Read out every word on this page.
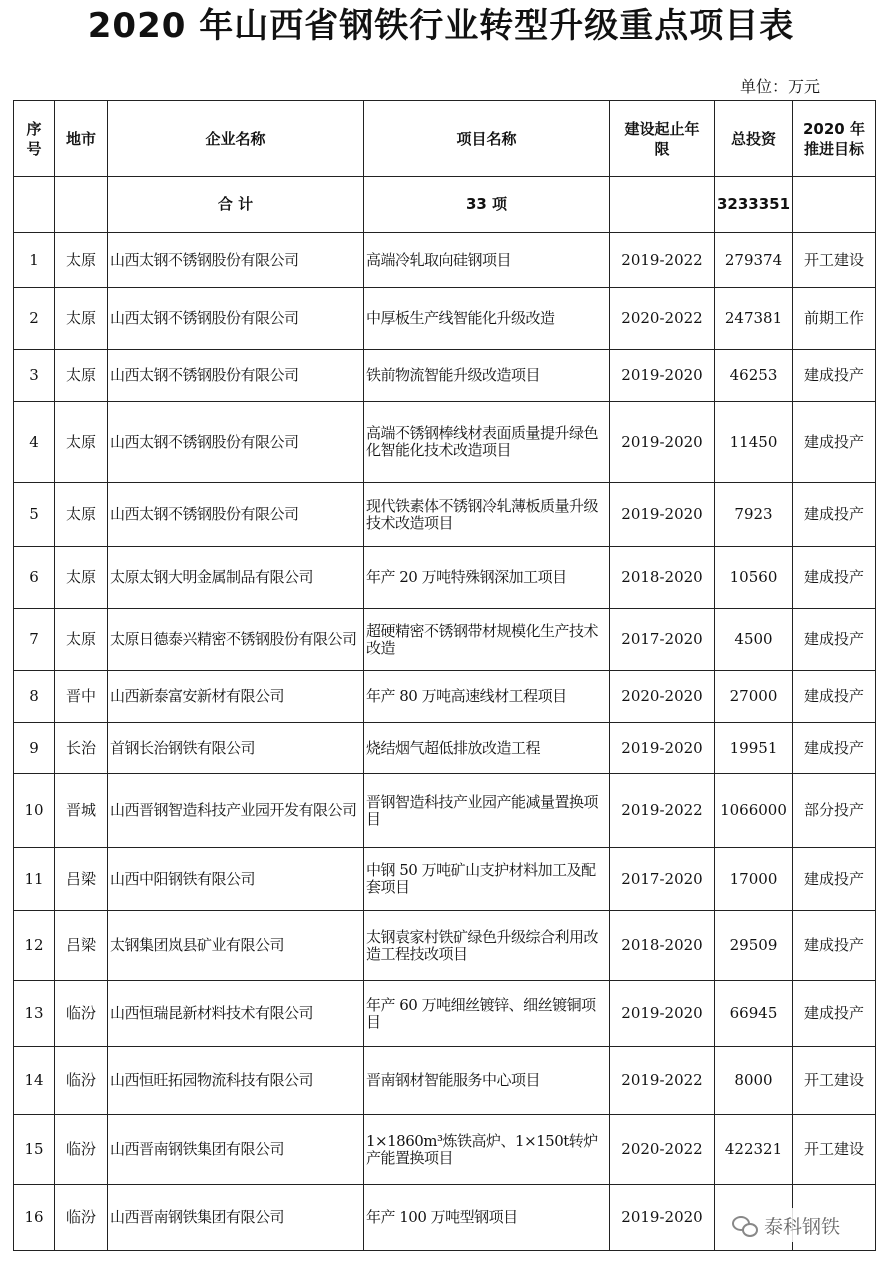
2020 年山西省钢铁行业转型升级重点项目表
单位：万元
序号	地市	企业名称	项目名称	建设起止年限	总投资	2020 年推进目标
		合 计	33 项		3233351	
1	太原	山西太钢不锈钢股份有限公司	高端冷轧取向硅钢项目	2019-2022	279374	开工建设
2	太原	山西太钢不锈钢股份有限公司	中厚板生产线智能化升级改造	2020-2022	247381	前期工作
3	太原	山西太钢不锈钢股份有限公司	铁前物流智能升级改造项目	2019-2020	46253	建成投产
4	太原	山西太钢不锈钢股份有限公司	高端不锈钢棒线材表面质量提升绿色化智能化技术改造项目	2019-2020	11450	建成投产
5	太原	山西太钢不锈钢股份有限公司	现代铁素体不锈钢冷轧薄板质量升级技术改造项目	2019-2020	7923	建成投产
6	太原	太原太钢大明金属制品有限公司	年产 20 万吨特殊钢深加工项目	2018-2020	10560	建成投产
7	太原	太原日德泰兴精密不锈钢股份有限公司	超硬精密不锈钢带材规模化生产技术改造	2017-2020	4500	建成投产
8	晋中	山西新泰富安新材有限公司	年产 80 万吨高速线材工程项目	2020-2020	27000	建成投产
9	长治	首钢长治钢铁有限公司	烧结烟气超低排放改造工程	2019-2020	19951	建成投产
10	晋城	山西晋钢智造科技产业园开发有限公司	晋钢智造科技产业园产能减量置换项目	2019-2022	1066000	部分投产
11	吕梁	山西中阳钢铁有限公司	中钢 50 万吨矿山支护材料加工及配套项目	2017-2020	17000	建成投产
12	吕梁	太钢集团岚县矿业有限公司	太钢袁家村铁矿绿色升级综合利用改造工程技改项目	2018-2020	29509	建成投产
13	临汾	山西恒瑞昆新材料技术有限公司	年产 60 万吨细丝镀锌、细丝镀铜项目	2019-2020	66945	建成投产
14	临汾	山西恒旺拓园物流科技有限公司	晋南钢材智能服务中心项目	2019-2022	8000	开工建设
15	临汾	山西晋南钢铁集团有限公司	1×1860m³炼铁高炉、1×150t转炉产能置换项目	2020-2022	422321	开工建设
16	临汾	山西晋南钢铁集团有限公司	年产 100 万吨型钢项目	2019-2020			泰科钢铁
